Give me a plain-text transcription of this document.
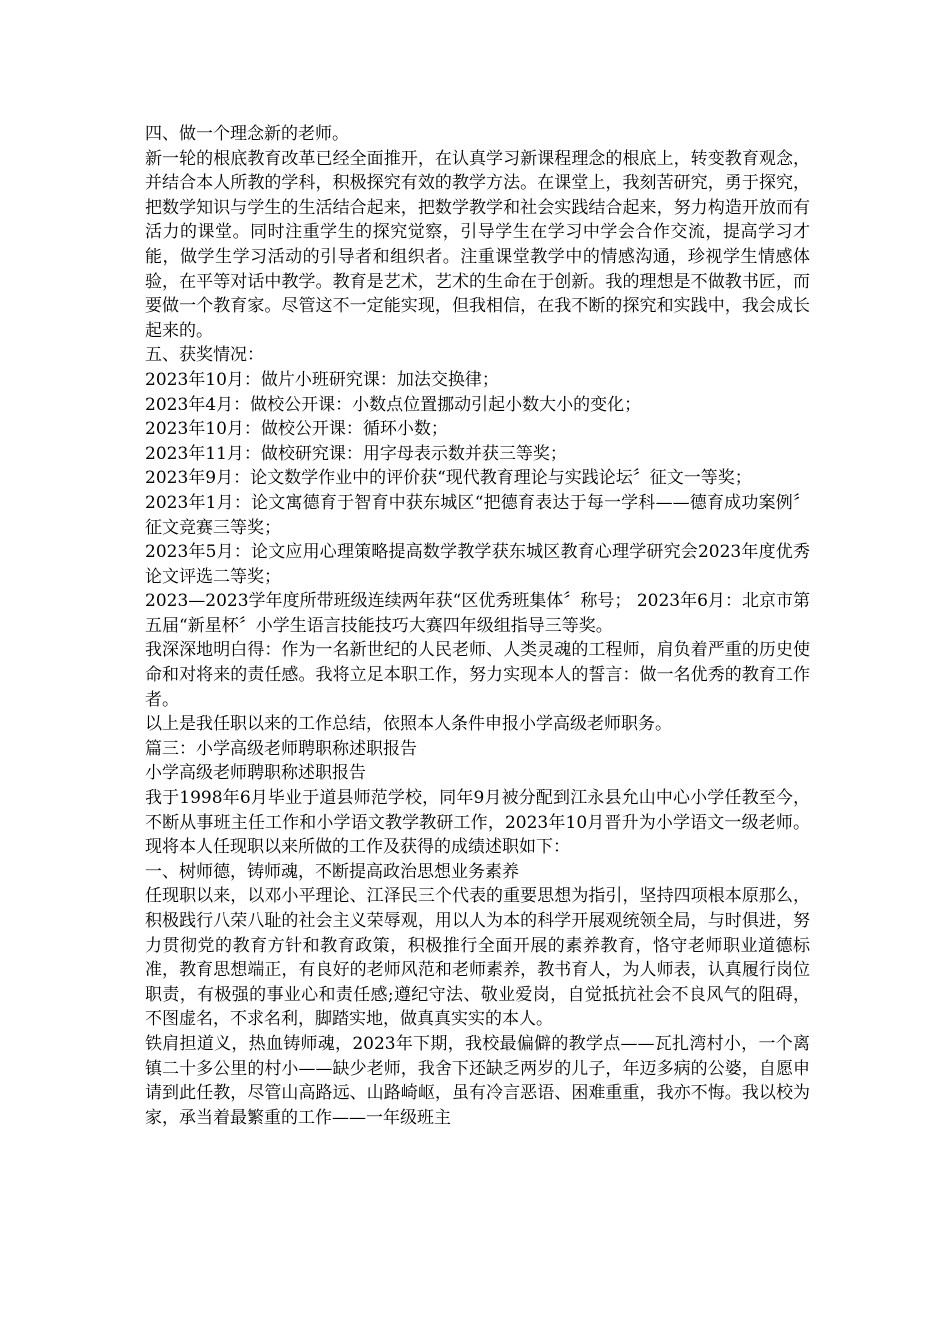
四、做一个理念新的老师。

新一轮的根底教育改革已经全面推开，在认真学习新课程理念的根底上，转变教育观念，并结合本人所教的学科，积极探究有效的教学方法。在课堂上，我刻苦研究，勇于探究，把数学知识与学生的生活结合起来，把数学教学和社会实践结合起来，努力构造开放而有活力的课堂。同时注重学生的探究觉察，引导学生在学习中学会合作交流，提高学习才能，做学生学习活动的引导者和组织者。注重课堂教学中的情感沟通，珍视学生情感体验，在平等对话中教学。教育是艺术，艺术的生命在于创新。我的理想是不做教书匠，而要做一个教育家。尽管这不一定能实现，但我相信，在我不断的探究和实践中，我会成长起来的。

五、获奖情况：

2023年10月：做片小班研究课：加法交换律；

2023年4月：做校公开课：小数点位置挪动引起小数大小的变化；

2023年10月：做校公开课：循环小数；

2023年11月：做校研究课：用字母表示数并获三等奖；

2023年9月：论文数学作业中的评价获“现代教育理论与实践论坛〞征文一等奖；

2023年1月：论文寓德育于智育中获东城区“把德育表达于每一学科——德育成功案例〞征文竞赛三等奖；

2023年5月：论文应用心理策略提高数学教学获东城区教育心理学研究会2023年度优秀论文评选二等奖；

2023—2023学年度所带班级连续两年获“区优秀班集体〞称号； 2023年6月：北京市第五届“新星杯〞小学生语言技能技巧大赛四年级组指导三等奖。

我深深地明白得：作为一名新世纪的人民老师、人类灵魂的工程师，肩负着严重的历史使命和对将来的责任感。我将立足本职工作，努力实现本人的誓言：做一名优秀的教育工作者。

以上是我任职以来的工作总结，依照本人条件申报小学高级老师职务。

篇三：小学高级老师聘职称述职报告

小学高级老师聘职称述职报告

我于1998年6月毕业于道县师范学校，同年9月被分配到江永县允山中心小学任教至今，不断从事班主任工作和小学语文教学教研工作，2023年10月晋升为小学语文一级老师。现将本人任现职以来所做的工作及获得的成绩述职如下：

一、树师德，铸师魂，不断提高政治思想业务素养

任现职以来，以邓小平理论、江泽民三个代表的重要思想为指引，坚持四项根本原那么，积极践行八荣八耻的社会主义荣辱观，用以人为本的科学开展观统领全局，与时俱进，努力贯彻党的教育方针和教育政策，积极推行全面开展的素养教育，恪守老师职业道德标准，教育思想端正，有良好的老师风范和老师素养，教书育人，为人师表，认真履行岗位职责，有极强的事业心和责任感;遵纪守法、敬业爱岗，自觉抵抗社会不良风气的阻碍，不图虚名，不求名利，脚踏实地，做真真实实的本人。

铁肩担道义，热血铸师魂，2023年下期，我校最偏僻的教学点——瓦扎湾村小，一个离镇二十多公里的村小——缺少老师，我舍下还缺乏两岁的儿子，年迈多病的公婆，自愿申请到此任教，尽管山高路远、山路崎岖，虽有冷言恶语、困难重重，我亦不悔。我以校为家，承当着最繁重的工作——一年级班主
